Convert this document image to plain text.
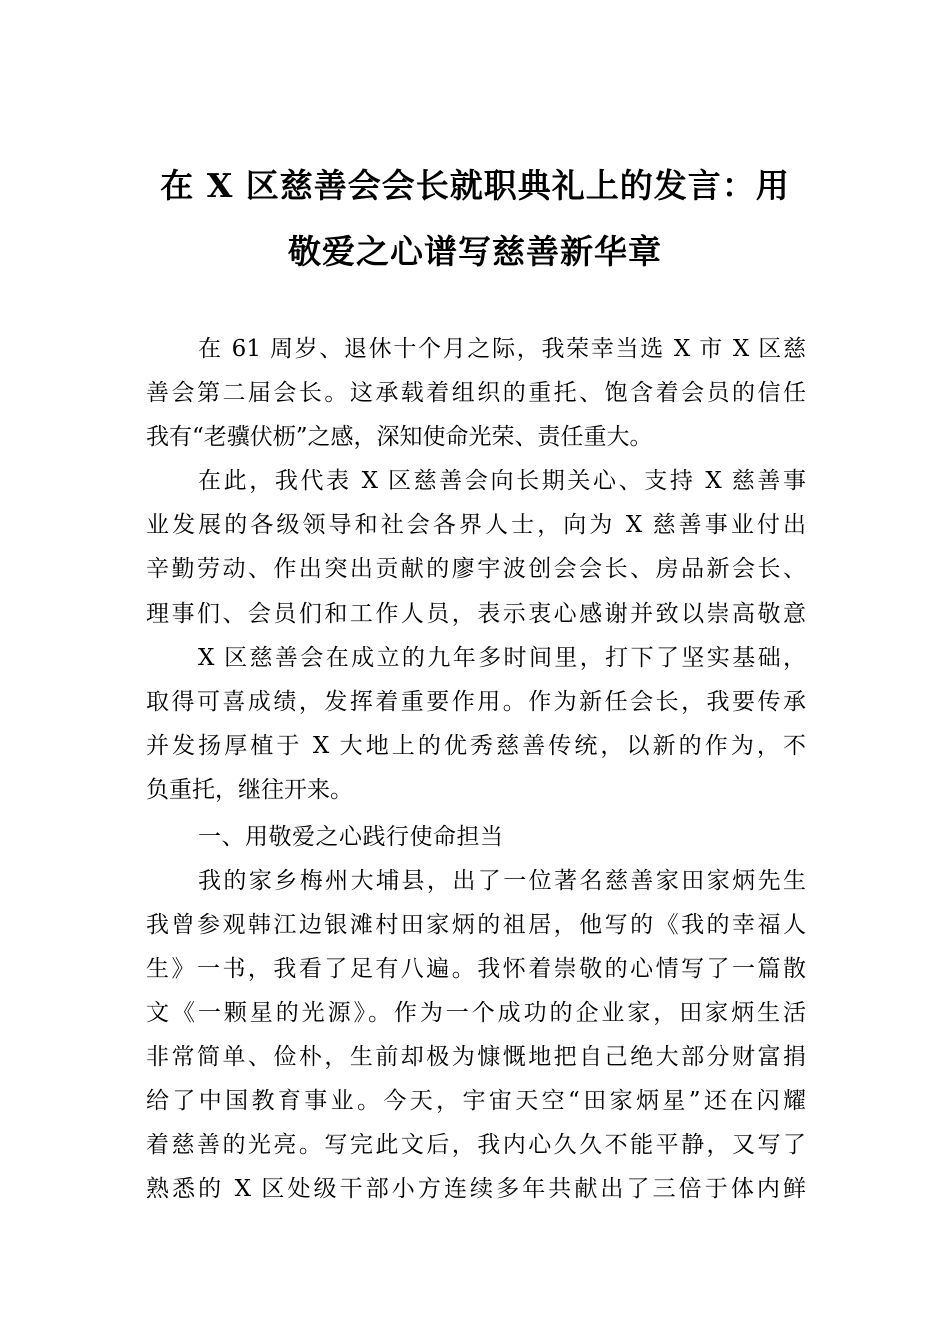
在 X 区慈善会会长就职典礼上的发言：用
敬爱之心谱写慈善新华章
在 61 周岁、退休十个月之际，我荣幸当选 X 市 X 区慈
善会第二届会长。这承载着组织的重托、饱含着会员的信任
我有“老骥伏枥”之感，深知使命光荣、责任重大。
在此，我代表 X 区慈善会向长期关心、支持 X 慈善事
业发展的各级领导和社会各界人士，向为 X 慈善事业付出
辛勤劳动、作出突出贡献的廖宇波创会会长、房品新会长、
理事们、会员们和工作人员，表示衷心感谢并致以崇高敬意
X 区慈善会在成立的九年多时间里，打下了坚实基础，
取得可喜成绩，发挥着重要作用。作为新任会长，我要传承
并发扬厚植于 X 大地上的优秀慈善传统，以新的作为，不
负重托，继往开来。
一、用敬爱之心践行使命担当
我的家乡梅州大埔县，出了一位著名慈善家田家炳先生
我曾参观韩江边银滩村田家炳的祖居，他写的《我的幸福人
生》一书，我看了足有八遍。我怀着崇敬的心情写了一篇散
文《一颗星的光源》。作为一个成功的企业家，田家炳生活
非常简单、俭朴，生前却极为慷慨地把自己绝大部分财富捐
给了中国教育事业。今天，宇宙天空“田家炳星”还在闪耀
着慈善的光亮。写完此文后，我内心久久不能平静，又写了
熟悉的 X 区处级干部小方连续多年共献出了三倍于体内鲜
